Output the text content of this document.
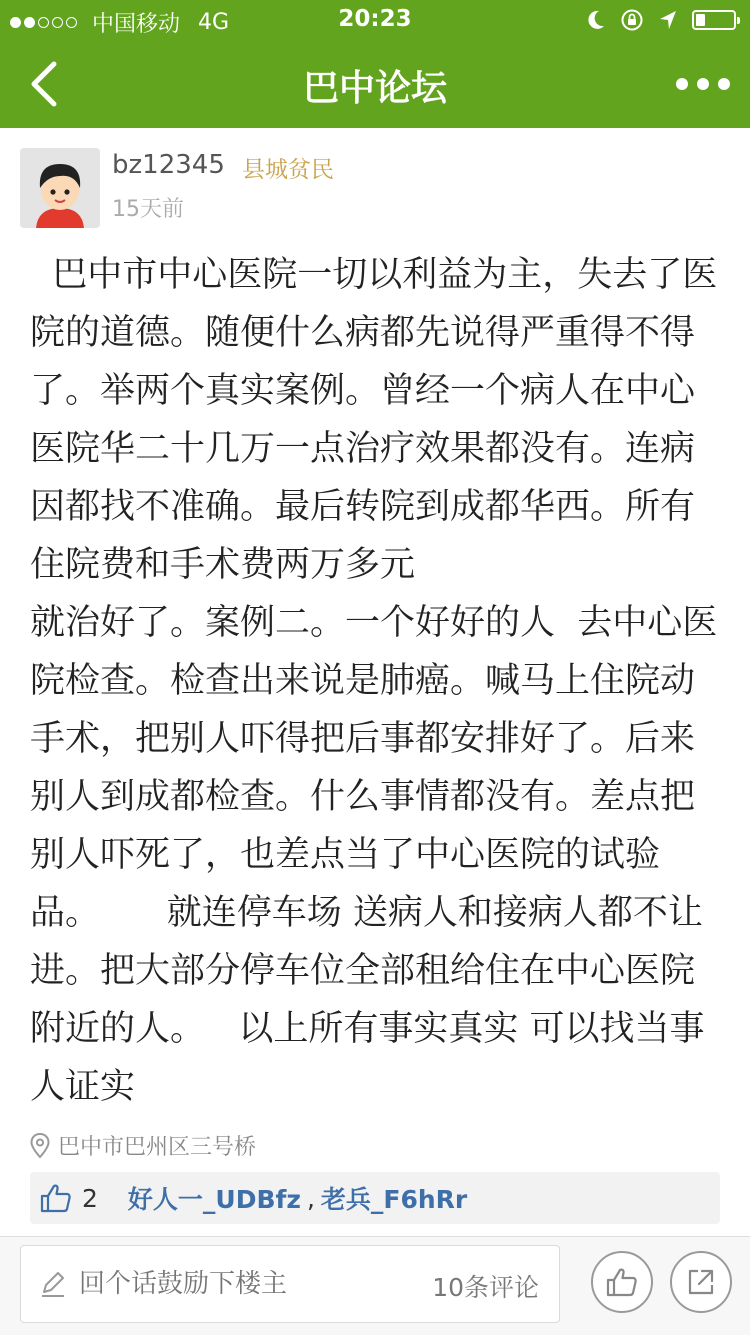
中国移动 4G	20:23
巴中论坛
bz12345 县城贫民
15天前
巴中市中心医院一切以利益为主，失去了医院的道德。随便什么病都先说得严重得不得了。举两个真实案例。曾经一个病人在中心医院华二十几万一点治疗效果都没有。连病因都找不准确。最后转院到成都华西。所有住院费和手术费两万多元
就治好了。案例二。一个好好的人  去中心医院检查。检查出来说是肺癌。喊马上住院动手术，把别人吓得把后事都安排好了。后来别人到成都检查。什么事情都没有。差点把别人吓死了，也差点当了中心医院的试验品。      就连停车场 送病人和接病人都不让进。把大部分停车位全部租给住在中心医院附近的人。   以上所有事实真实 可以找当事人证实
巴中市巴州区三号桥
2 好人一_UDBfz , 老兵_F6hRr
回个话鼓励下楼主
10条评论
